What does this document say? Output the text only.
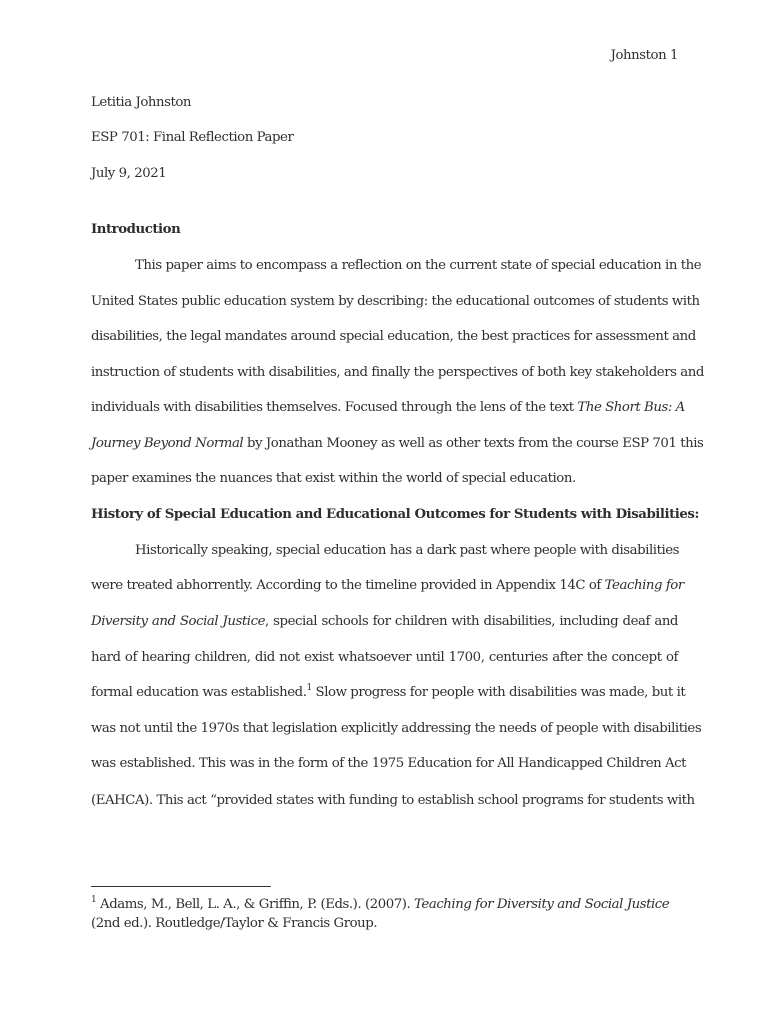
Johnston 1
Letitia Johnston
ESP 701: Final Reflection Paper
July 9, 2021
Introduction
This paper aims to encompass a reflection on the current state of special education in the
United States public education system by describing: the educational outcomes of students with
disabilities, the legal mandates around special education, the best practices for assessment and
instruction of students with disabilities, and finally the perspectives of both key stakeholders and
individuals with disabilities themselves. Focused through the lens of the text The Short Bus: A
Journey Beyond Normal by Jonathan Mooney as well as other texts from the course ESP 701 this
paper examines the nuances that exist within the world of special education.
History of Special Education and Educational Outcomes for Students with Disabilities:
Historically speaking, special education has a dark past where people with disabilities
were treated abhorrently. According to the timeline provided in Appendix 14C of Teaching for
Diversity and Social Justice, special schools for children with disabilities, including deaf and
hard of hearing children, did not exist whatsoever until 1700, centuries after the concept of
formal education was established.$^1$ Slow progress for people with disabilities was made, but it
was not until the 1970s that legislation explicitly addressing the needs of people with disabilities
was established. This was in the form of the 1975 Education for All Handicapped Children Act
(EAHCA). This act “provided states with funding to establish school programs for students with
$^1$ Adams, M., Bell, L. A., & Griffin, P. (Eds.). (2007). Teaching for Diversity and Social Justice
(2nd ed.). Routledge/Taylor & Francis Group.
